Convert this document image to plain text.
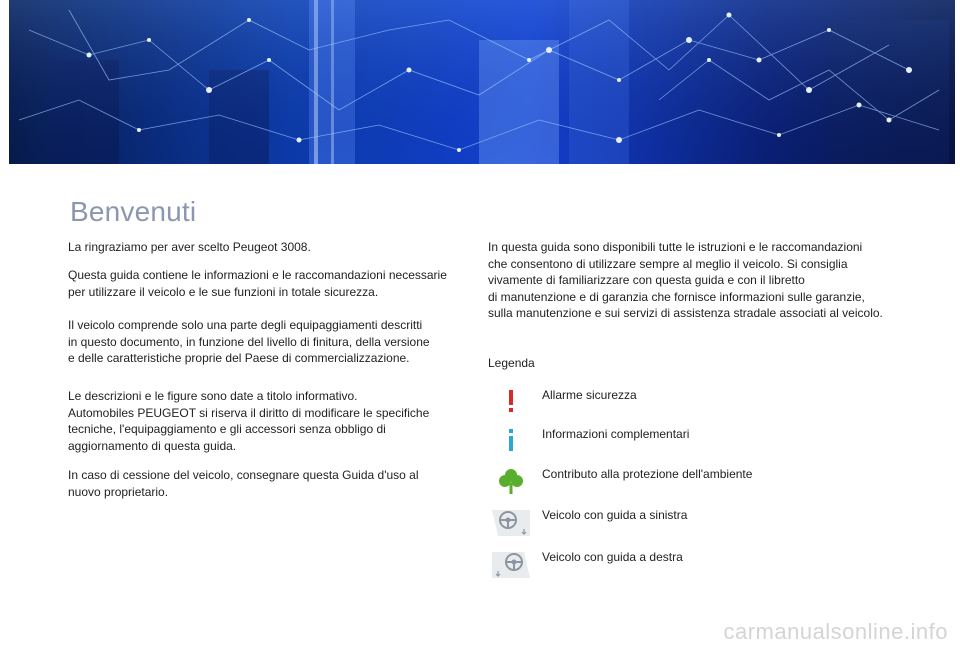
Benvenuti

La ringraziamo per aver scelto Peugeot 3008.

Questa guida contiene le informazioni e le raccomandazioni necessarie
per utilizzare il veicolo e le sue funzioni in totale sicurezza.

Il veicolo comprende solo una parte degli equipaggiamenti descritti
in questo documento, in funzione del livello di finitura, della versione
e delle caratteristiche proprie del Paese di commercializzazione.

Le descrizioni e le figure sono date a titolo informativo.
Automobiles PEUGEOT si riserva il diritto di modificare le specifiche
tecniche, l'equipaggiamento e gli accessori senza obbligo di
aggiornamento di questa guida.

In caso di cessione del veicolo, consegnare questa Guida d'uso al
nuovo proprietario.

In questa guida sono disponibili tutte le istruzioni e le raccomandazioni
che consentono di utilizzare sempre al meglio il veicolo. Si consiglia
vivamente di familiarizzare con questa guida e con il libretto
di manutenzione e di garanzia che fornisce informazioni sulle garanzie,
sulla manutenzione e sui servizi di assistenza stradale associati al veicolo.

Legenda

Allarme sicurezza
Informazioni complementari
Contributo alla protezione dell'ambiente
Veicolo con guida a sinistra
Veicolo con guida a destra
carmanualsonline.info
